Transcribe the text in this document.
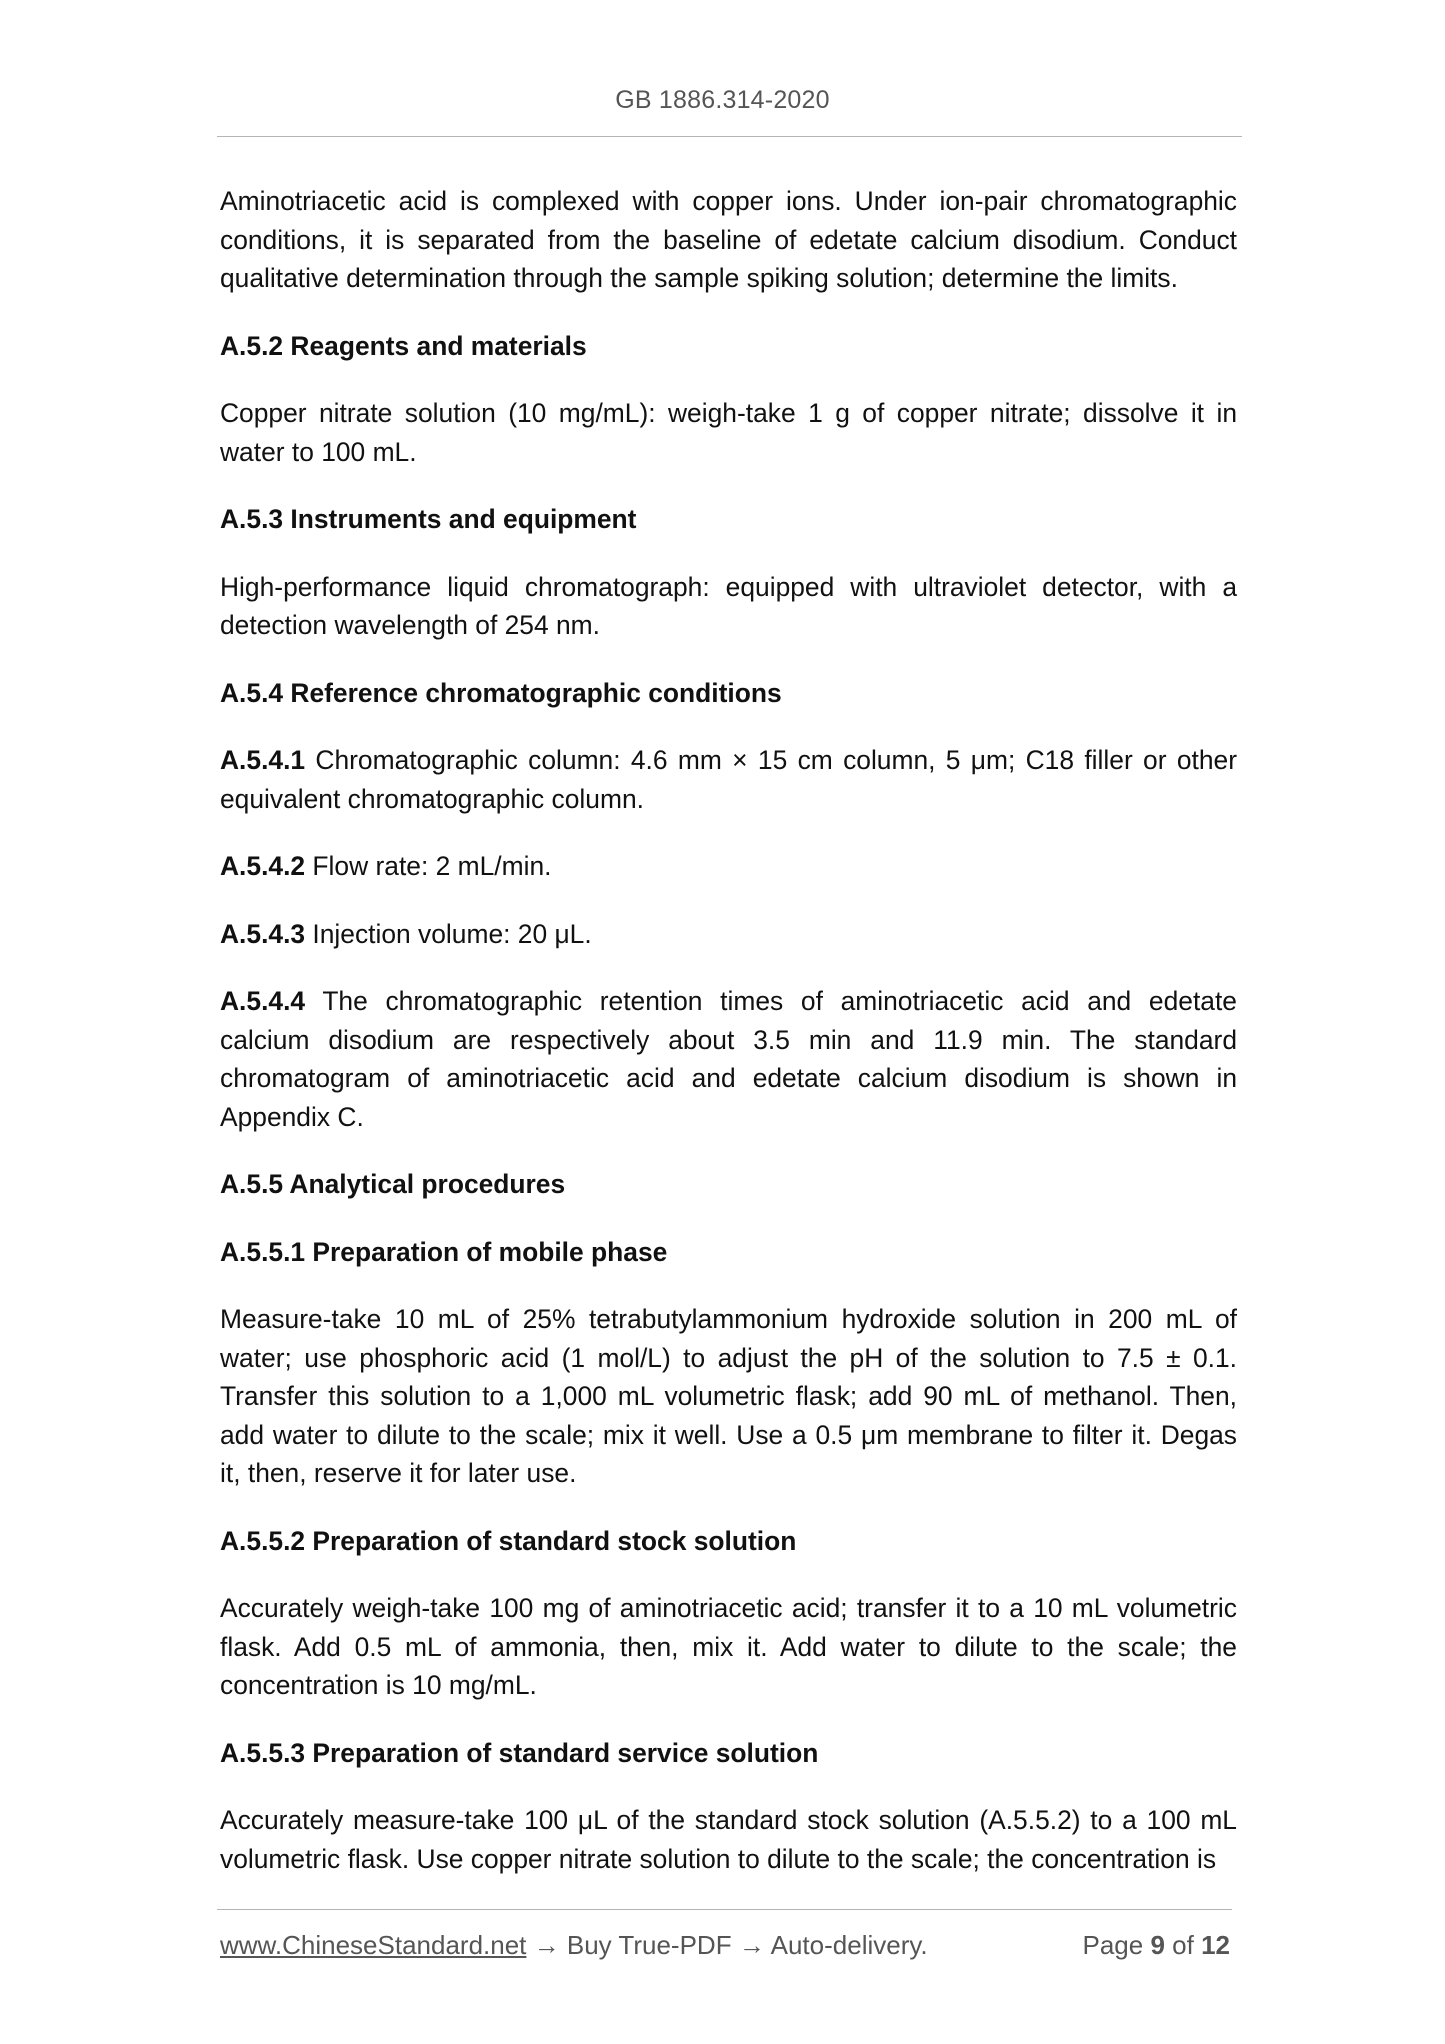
GB 1886.314-2020

Aminotriacetic acid is complexed with copper ions. Under ion-pair chromatographic conditions, it is separated from the baseline of edetate calcium disodium. Conduct qualitative determination through the sample spiking solution; determine the limits.

A.5.2 Reagents and materials

Copper nitrate solution (10 mg/mL): weigh-take 1 g of copper nitrate; dissolve it in water to 100 mL.

A.5.3 Instruments and equipment

High-performance liquid chromatograph: equipped with ultraviolet detector, with a detection wavelength of 254 nm.

A.5.4 Reference chromatographic conditions

A.5.4.1 Chromatographic column: 4.6 mm × 15 cm column, 5 μm; C18 filler or other equivalent chromatographic column.

A.5.4.2 Flow rate: 2 mL/min.

A.5.4.3 Injection volume: 20 μL.

A.5.4.4 The chromatographic retention times of aminotriacetic acid and edetate calcium disodium are respectively about 3.5 min and 11.9 min. The standard chromatogram of aminotriacetic acid and edetate calcium disodium is shown in Appendix C.

A.5.5 Analytical procedures

A.5.5.1 Preparation of mobile phase

Measure-take 10 mL of 25% tetrabutylammonium hydroxide solution in 200 mL of water; use phosphoric acid (1 mol/L) to adjust the pH of the solution to 7.5 ± 0.1. Transfer this solution to a 1,000 mL volumetric flask; add 90 mL of methanol. Then, add water to dilute to the scale; mix it well. Use a 0.5 μm membrane to filter it. Degas it, then, reserve it for later use.

A.5.5.2 Preparation of standard stock solution

Accurately weigh-take 100 mg of aminotriacetic acid; transfer it to a 10 mL volumetric flask. Add 0.5 mL of ammonia, then, mix it. Add water to dilute to the scale; the concentration is 10 mg/mL.

A.5.5.3 Preparation of standard service solution

Accurately measure-take 100 μL of the standard stock solution (A.5.5.2) to a 100 mL volumetric flask. Use copper nitrate solution to dilute to the scale; the concentration is

www.ChineseStandard.net → Buy True-PDF → Auto-delivery.	Page 9 of 12
